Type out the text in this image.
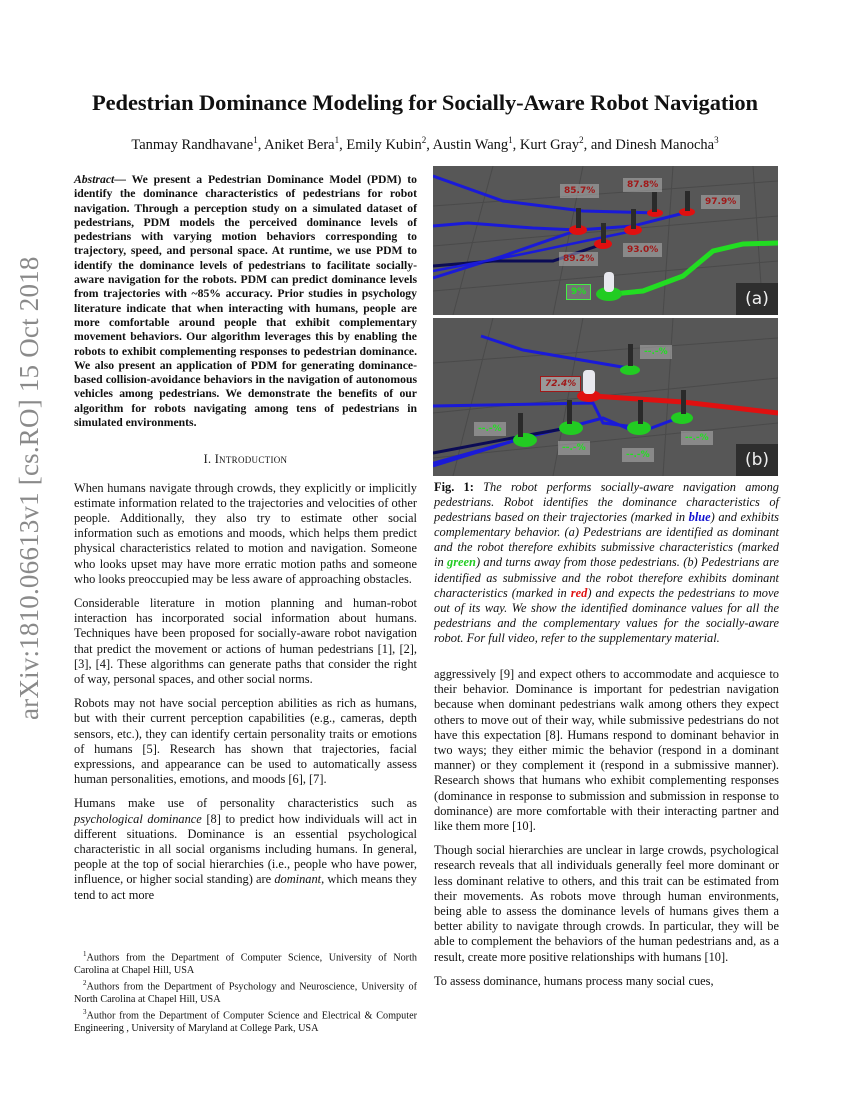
arXiv:1810.06613v1 [cs.RO] 15 Oct 2018
Pedestrian Dominance Modeling for Socially-Aware Robot Navigation
Tanmay Randhavane$^1$, Aniket Bera$^1$, Emily Kubin$^2$, Austin Wang$^1$, Kurt Gray$^2$, and Dinesh Manocha$^3$
Abstract— We present a Pedestrian Dominance Model (PDM) to identify the dominance characteristics of pedestrians for robot navigation. Through a perception study on a simulated dataset of pedestrians, PDM models the perceived dominance levels of pedestrians with varying motion behaviors corresponding to trajectory, speed, and personal space. At runtime, we use PDM to identify the dominance levels of pedestrians to facilitate socially-aware navigation for the robots. PDM can predict dominance levels from trajectories with ~85% accuracy. Prior studies in psychology literature indicate that when interacting with humans, people are more comfortable around people that exhibit complementary movement behaviors. Our algorithm leverages this by enabling the robots to exhibit complementing responses to pedestrian dominance. We also present an application of PDM for generating dominance-based collision-avoidance behaviors in the navigation of autonomous vehicles among pedestrians. We demonstrate the benefits of our algorithm for robots navigating among tens of pedestrians in simulated environments.
I. Introduction

When humans navigate through crowds, they explicitly or implicitly estimate information related to the trajectories and velocities of other people. Additionally, they also try to estimate other social information such as emotions and moods, which helps them predict physical characteristics related to motion and navigation. Someone who looks upset may have more erratic motion paths and someone who looks preoccupied may be less aware of approaching obstacles.

Considerable literature in motion planning and human-robot interaction has incorporated social information about humans. Techniques have been proposed for socially-aware robot navigation that predict the movement or actions of human pedestrians [1], [2], [3], [4]. These algorithms can generate paths that consider the right of way, personal spaces, and other social norms.

Robots may not have social perception abilities as rich as humans, but with their current perception capabilities (e.g., cameras, depth sensors, etc.), they can identify certain personality traits or emotions of humans [5]. Research has shown that trajectories, facial expressions, and appearance can be used to automatically assess human personalities, emotions, and moods [6], [7].

Humans make use of personality characteristics such as psychological dominance [8] to predict how individuals will act in different situations. Dominance is an essential psychological characteristic in all social organisms including humans. In general, people at the top of social hierarchies (i.e., people who have power, influence, or higher social standing) are dominant, which means they tend to act more

$^1$Authors from the Department of Computer Science, University of North Carolina at Chapel Hill, USA
$^2$Authors from the Department of Psychology and Neuroscience, University of North Carolina at Chapel Hill, USA
$^3$Author from the Department of Computer Science and Electrical & Computer Engineering , University of Maryland at College Park, USA
85.7%
87.8%
97.9%
93.0%
89.2%
9%	(a)
72.4%
--.-%
--.-%
--.-%
--.-%
--.-%
(b)
Fig. 1: The robot performs socially-aware navigation among pedestrians. Robot identifies the dominance characteristics of pedestrians based on their trajectories (marked in blue) and exhibits complementary behavior. (a) Pedestrians are identified as dominant and the robot therefore exhibits submissive characteristics (marked in green) and turns away from those pedestrians. (b) Pedestrians are identified as submissive and the robot therefore exhibits dominant characteristics (marked in red) and expects the pedestrians to move out of its way. We show the identified dominance values for all the pedestrians and the complementary values for the socially-aware robot. For full video, refer to the supplementary material.

aggressively [9] and expect others to accommodate and acquiesce to their behavior. Dominance is important for pedestrian navigation because when dominant pedestrians walk among others they expect others to move out of their way, while submissive pedestrians do not have this expectation [8]. Humans respond to dominant behavior in two ways; they either mimic the behavior (respond in a dominant manner) or they complement it (respond in a submissive manner). Research shows that humans who exhibit complementing responses (dominance in response to submission and submission in response to dominance) are more comfortable with their interacting partner and like them more [10].

Though social hierarchies are unclear in large crowds, psychological research reveals that all individuals generally feel more dominant or less dominant relative to others, and this trait can be estimated from their movements. As robots move through human environments, being able to assess the dominance levels of humans gives them a better ability to navigate through crowds. In particular, they will be able to complement the behaviors of the human pedestrians and, as a result, create more positive relationships with humans [10].

To assess dominance, humans process many social cues,
